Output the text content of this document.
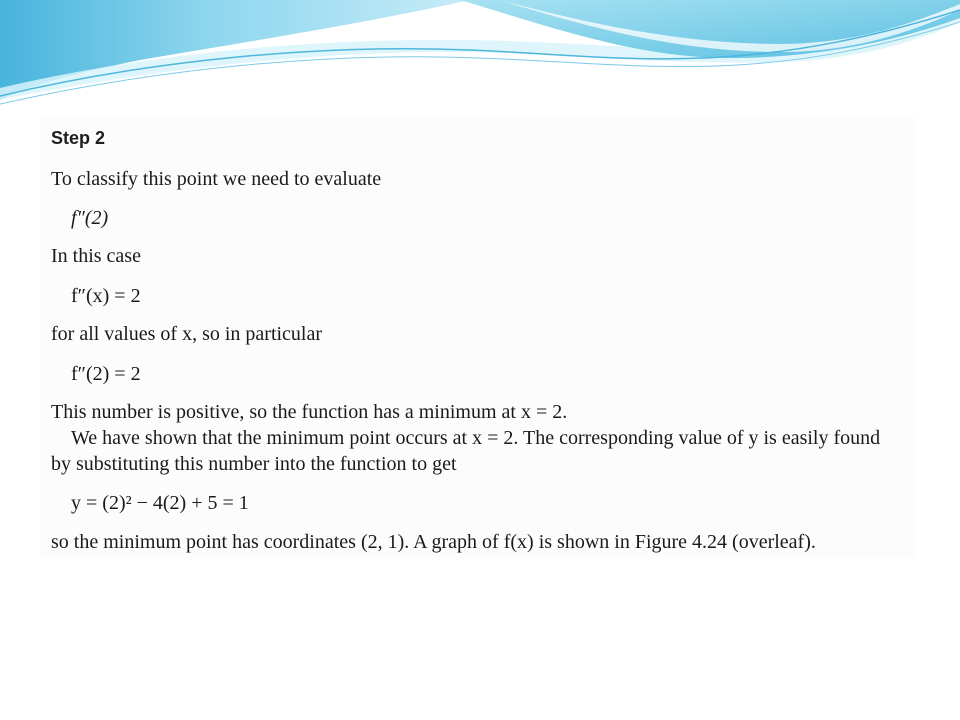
Step 2
To classify this point we need to evaluate
f″(2)
In this case
f″(x) = 2
for all values of x, so in particular
f″(2) = 2
This number is positive, so the function has a minimum at x = 2.
We have shown that the minimum point occurs at x = 2. The corresponding value of y is easily found
by substituting this number into the function to get
y = (2)² − 4(2) + 5 = 1
so the minimum point has coordinates (2, 1). A graph of f(x) is shown in Figure 4.24 (overleaf).
